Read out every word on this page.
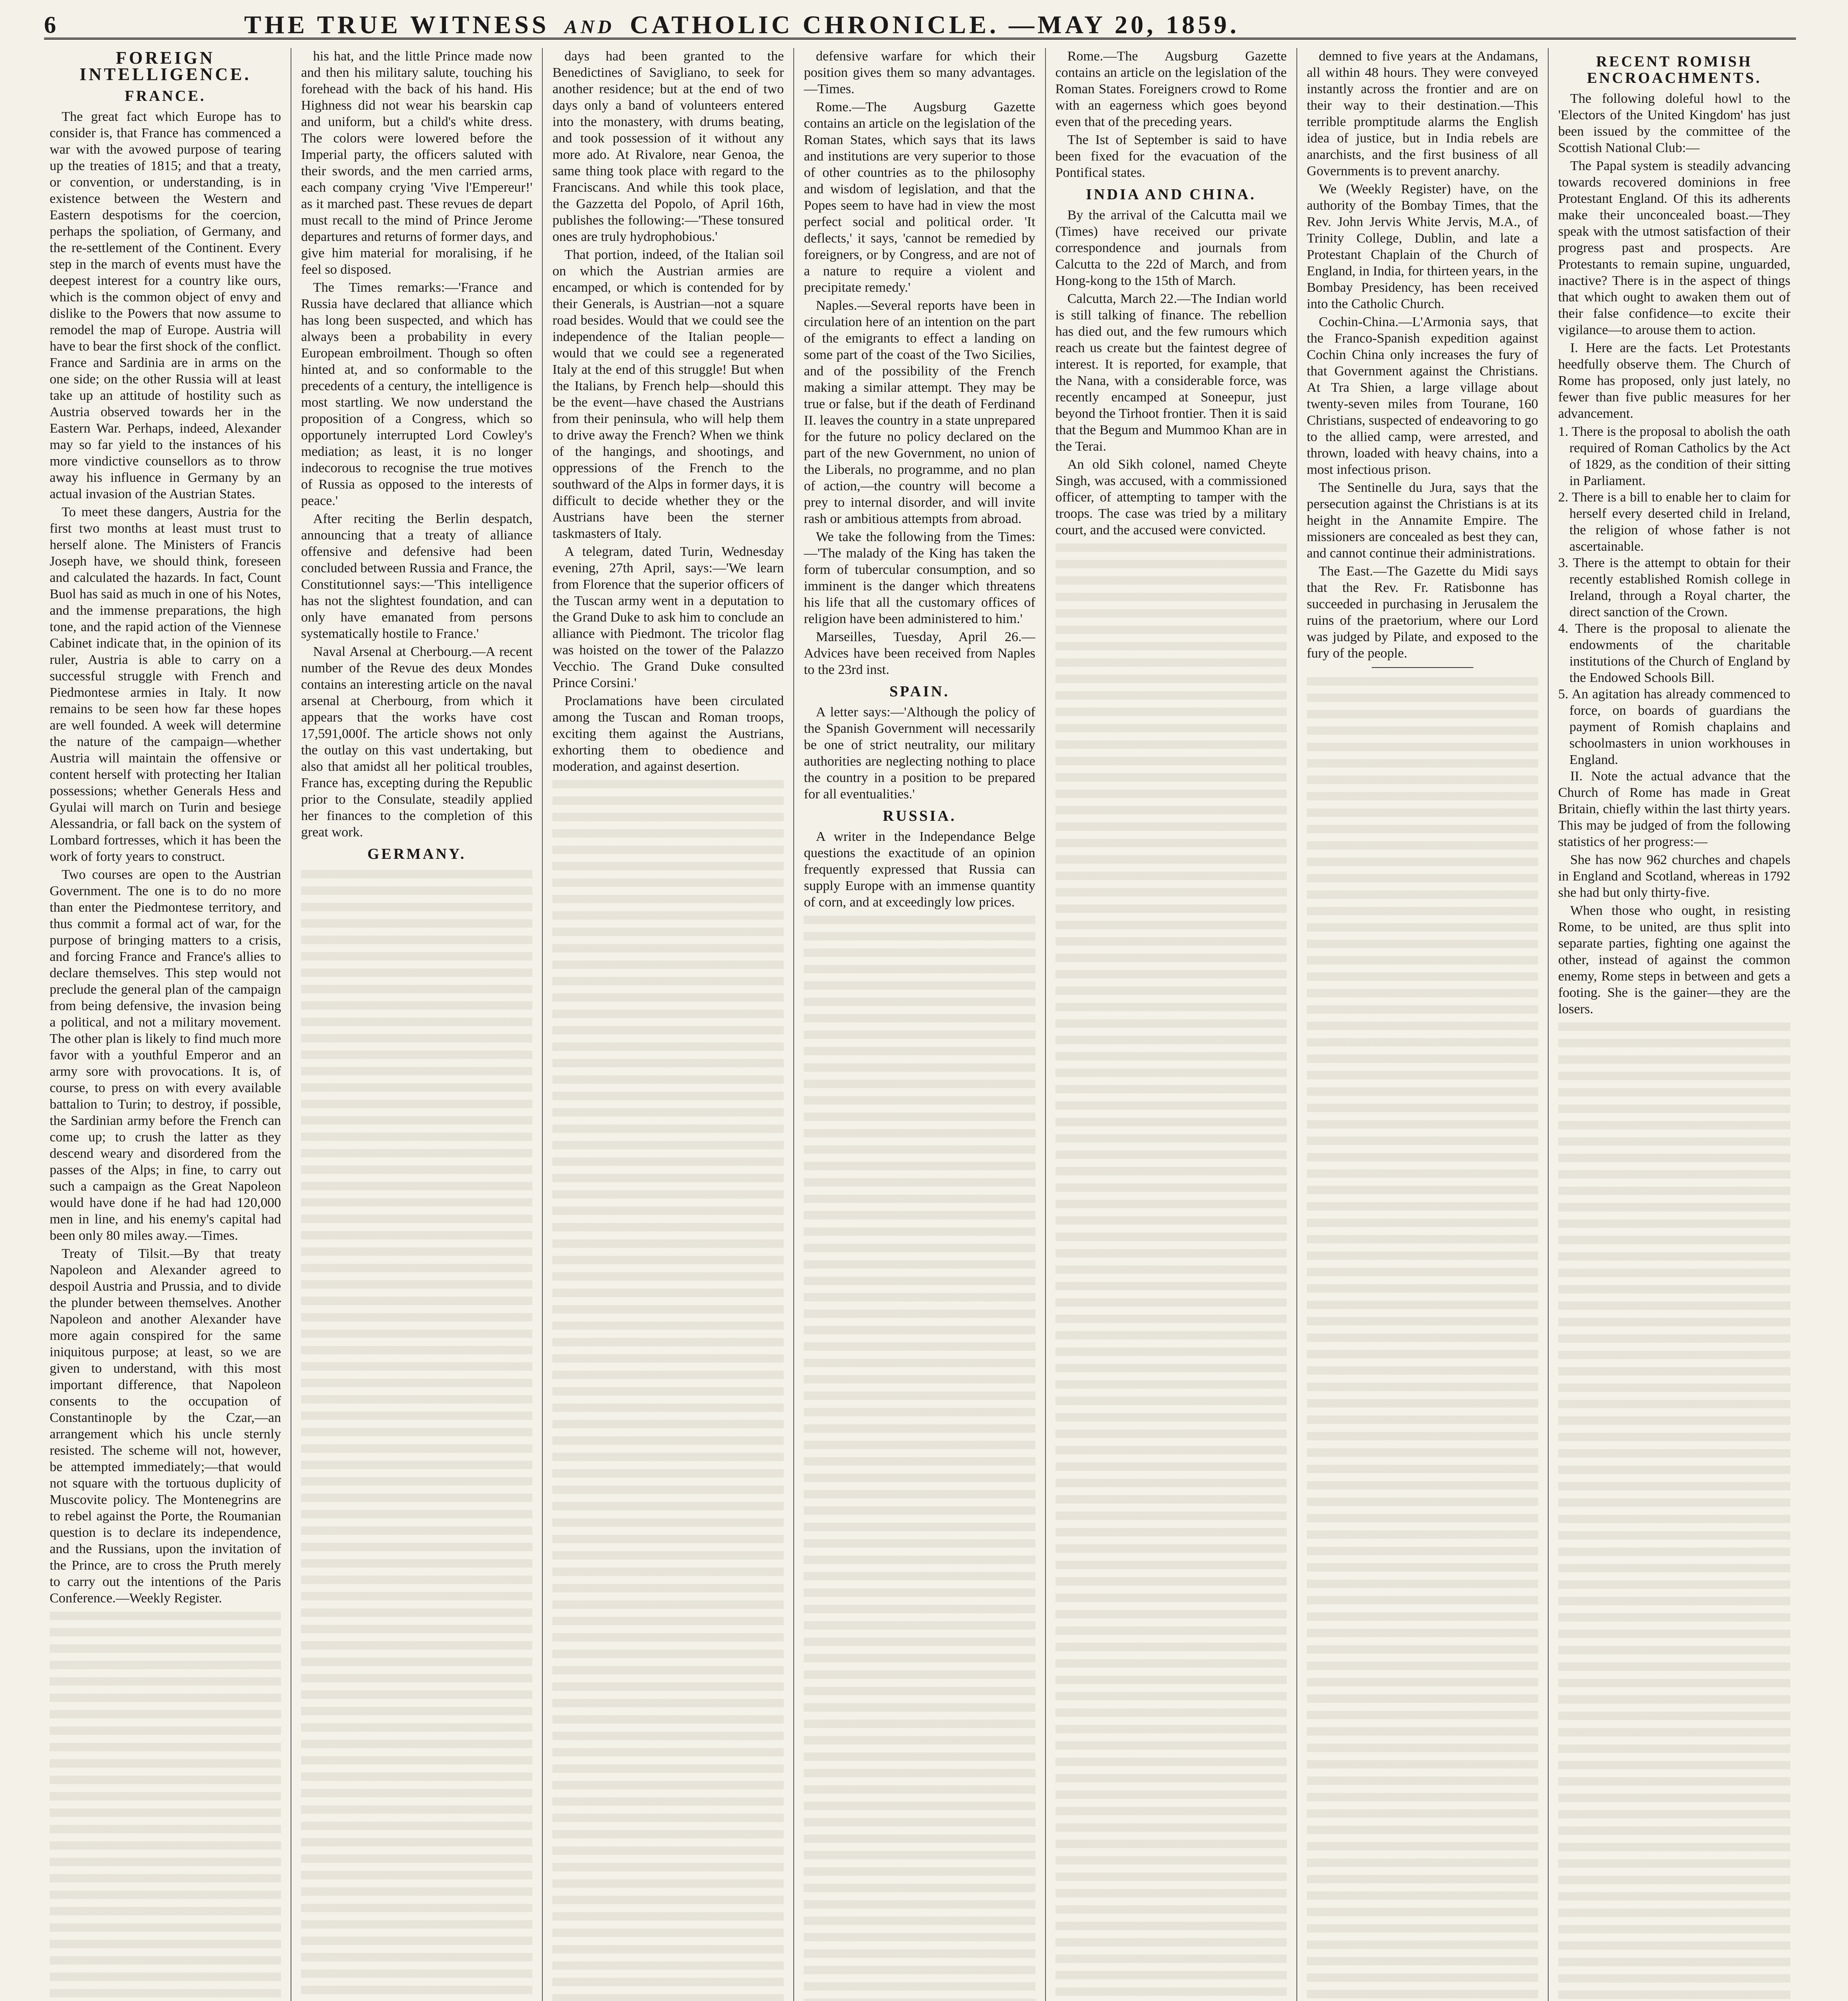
6	THE TRUE WITNESS AND CATHOLIC CHRONICLE. —MAY 20, 1859.
FOREIGN INTELLIGENCE.
FRANCE.

The great fact which Europe has to consider is, that France has commenced a war with the avowed purpose of tearing up the treaties of 1815; and that a treaty, or convention, or understanding, is in existence between the Western and Eastern despotisms for the coercion, perhaps the spoliation, of Germany, and the re-settlement of the Continent. Every step in the march of events must have the deepest interest for a country like ours, which is the common object of envy and dislike to the Powers that now assume to remodel the map of Europe. Austria will have to bear the first shock of the conflict. France and Sardinia are in arms on the one side; on the other Russia will at least take up an attitude of hostility such as Austria observed towards her in the Eastern War. Perhaps, indeed, Alexander may so far yield to the instances of his more vindictive counsellors as to throw away his influence in Germany by an actual invasion of the Austrian States.

To meet these dangers, Austria for the first two months at least must trust to herself alone. The Ministers of Francis Joseph have, we should think, foreseen and calculated the hazards. In fact, Count Buol has said as much in one of his Notes, and the immense preparations, the high tone, and the rapid action of the Viennese Cabinet indicate that, in the opinion of its ruler, Austria is able to carry on a successful struggle with French and Piedmontese armies in Italy. It now remains to be seen how far these hopes are well founded. A week will determine the nature of the campaign—whether Austria will maintain the offensive or content herself with protecting her Italian possessions; whether Generals Hess and Gyulai will march on Turin and besiege Alessandria, or fall back on the system of Lombard fortresses, which it has been the work of forty years to construct.

Two courses are open to the Austrian Government. The one is to do no more than enter the Piedmontese territory, and thus commit a formal act of war, for the purpose of bringing matters to a crisis, and forcing France and France's allies to declare themselves. This step would not preclude the general plan of the campaign from being defensive, the invasion being a political, and not a military movement. The other plan is likely to find much more favor with a youthful Emperor and an army sore with provocations. It is, of course, to press on with every available battalion to Turin; to destroy, if possible, the Sardinian army before the French can come up; to crush the latter as they descend weary and disordered from the passes of the Alps; in fine, to carry out such a campaign as the Great Napoleon would have done if he had had 120,000 men in line, and his enemy's capital had been only 80 miles away.—Times.

Treaty of Tilsit.—By that treaty Napoleon and Alexander agreed to despoil Austria and Prussia, and to divide the plunder between themselves. Another Napoleon and another Alexander have more again conspired for the same iniquitous purpose; at least, so we are given to understand, with this most important difference, that Napoleon consents to the occupation of Constantinople by the Czar,—an arrangement which his uncle sternly resisted. The scheme will not, however, be attempted immediately;—that would not square with the tortuous duplicity of Muscovite policy. The Montenegrins are to rebel against the Porte, the Roumanian question is to declare its independence, and the Russians, upon the invitation of the Prince, are to cross the Pruth merely to carry out the intentions of the Paris Conference.—Weekly Register.

his hat, and the little Prince made now and then his military salute, touching his forehead with the back of his hand. His Highness did not wear his bearskin cap and uniform, but a child's white dress. The colors were lowered before the Imperial party, the officers saluted with their swords, and the men carried arms, each company crying 'Vive l'Empereur!' as it marched past. These revues de depart must recall to the mind of Prince Jerome departures and returns of former days, and give him material for moralising, if he feel so disposed.

The Times remarks:—'France and Russia have declared that alliance which has long been suspected, and which has always been a probability in every European embroilment. Though so often hinted at, and so conformable to the precedents of a century, the intelligence is most startling. We now understand the proposition of a Congress, which so opportunely interrupted Lord Cowley's mediation; as least, it is no longer indecorous to recognise the true motives of Russia as opposed to the interests of peace.'

After reciting the Berlin despatch, announcing that a treaty of alliance offensive and defensive had been concluded between Russia and France, the Constitutionnel says:—'This intelligence has not the slightest foundation, and can only have emanated from persons systematically hostile to France.'

Naval Arsenal at Cherbourg.—A recent number of the Revue des deux Mondes contains an interesting article on the naval arsenal at Cherbourg, from which it appears that the works have cost 17,591,000f. The article shows not only the outlay on this vast undertaking, but also that amidst all her political troubles, France has, excepting during the Republic prior to the Consulate, steadily applied her finances to the completion of this great work.

GERMANY.

days had been granted to the Benedictines of Savigliano, to seek for another residence; but at the end of two days only a band of volunteers entered into the monastery, with drums beating, and took possession of it without any more ado. At Rivalore, near Genoa, the same thing took place with regard to the Franciscans. And while this took place, the Gazzetta del Popolo, of April 16th, publishes the following:—'These tonsured ones are truly hydrophobious.'

That portion, indeed, of the Italian soil on which the Austrian armies are encamped, or which is contended for by their Generals, is Austrian—not a square road besides. Would that we could see the independence of the Italian people—would that we could see a regenerated Italy at the end of this struggle! But when the Italians, by French help—should this be the event—have chased the Austrians from their peninsula, who will help them to drive away the French? When we think of the hangings, and shootings, and oppressions of the French to the southward of the Alps in former days, it is difficult to decide whether they or the Austrians have been the sterner taskmasters of Italy.

A telegram, dated Turin, Wednesday evening, 27th April, says:—'We learn from Florence that the superior officers of the Tuscan army went in a deputation to the Grand Duke to ask him to conclude an alliance with Piedmont. The tricolor flag was hoisted on the tower of the Palazzo Vecchio. The Grand Duke consulted Prince Corsini.'

Proclamations have been circulated among the Tuscan and Roman troops, exciting them against the Austrians, exhorting them to obedience and moderation, and against desertion.

defensive warfare for which their position gives them so many advantages.—Times.

Rome.—The Augsburg Gazette contains an article on the legislation of the Roman States, which says that its laws and institutions are very superior to those of other countries as to the philosophy and wisdom of legislation, and that the Popes seem to have had in view the most perfect social and political order. 'It deflects,' it says, 'cannot be remedied by foreigners, or by Congress, and are not of a nature to require a violent and precipitate remedy.'

Naples.—Several reports have been in circulation here of an intention on the part of the emigrants to effect a landing on some part of the coast of the Two Sicilies, and of the possibility of the French making a similar attempt. They may be true or false, but if the death of Ferdinand II. leaves the country in a state unprepared for the future no policy declared on the part of the new Government, no union of the Liberals, no programme, and no plan of action,—the country will become a prey to internal disorder, and will invite rash or ambitious attempts from abroad.

We take the following from the Times:—'The malady of the King has taken the form of tubercular consumption, and so imminent is the danger which threatens his life that all the customary offices of religion have been administered to him.'

Marseilles, Tuesday, April 26.—Advices have been received from Naples to the 23rd inst.

SPAIN.

A letter says:—'Although the policy of the Spanish Government will necessarily be one of strict neutrality, our military authorities are neglecting nothing to place the country in a position to be prepared for all eventualities.'

RUSSIA.

A writer in the Independance Belge questions the exactitude of an opinion frequently expressed that Russia can supply Europe with an immense quantity of corn, and at exceedingly low prices.

Rome.—The Augsburg Gazette contains an article on the legislation of the Roman States. Foreigners crowd to Rome with an eagerness which goes beyond even that of the preceding years.

The Ist of September is said to have been fixed for the evacuation of the Pontifical states.

INDIA AND CHINA.

By the arrival of the Calcutta mail we (Times) have received our private correspondence and journals from Calcutta to the 22d of March, and from Hong-kong to the 15th of March.

Calcutta, March 22.—The Indian world is still talking of finance. The rebellion has died out, and the few rumours which reach us create but the faintest degree of interest. It is reported, for example, that the Nana, with a considerable force, was recently encamped at Soneepur, just beyond the Tirhoot frontier. Then it is said that the Begum and Mummoo Khan are in the Terai.

An old Sikh colonel, named Cheyte Singh, was accused, with a commissioned officer, of attempting to tamper with the troops. The case was tried by a military court, and the accused were convicted.

demned to five years at the Andamans, all within 48 hours. They were conveyed instantly across the frontier and are on their way to their destination.—This terrible promptitude alarms the English idea of justice, but in India rebels are anarchists, and the first business of all Governments is to prevent anarchy.

We (Weekly Register) have, on the authority of the Bombay Times, that the Rev. John Jervis White Jervis, M.A., of Trinity College, Dublin, and late a Protestant Chaplain of the Church of England, in India, for thirteen years, in the Bombay Presidency, has been received into the Catholic Church.

Cochin-China.—L'Armonia says, that the Franco-Spanish expedition against Cochin China only increases the fury of that Government against the Christians. At Tra Shien, a large village about twenty-seven miles from Tourane, 160 Christians, suspected of endeavoring to go to the allied camp, were arrested, and thrown, loaded with heavy chains, into a most infectious prison.

The Sentinelle du Jura, says that the persecution against the Christians is at its height in the Annamite Empire. The missioners are concealed as best they can, and cannot continue their administrations.

The East.—The Gazette du Midi says that the Rev. Fr. Ratisbonne has succeeded in purchasing in Jerusalem the ruins of the praetorium, where our Lord was judged by Pilate, and exposed to the fury of the people.

RECENT ROMISH ENCROACHMENTS.

The following doleful howl to the 'Electors of the United Kingdom' has just been issued by the committee of the Scottish National Club:—

The Papal system is steadily advancing towards recovered dominions in free Protestant England. Of this its adherents make their unconcealed boast.—They speak with the utmost satisfaction of their progress past and prospects. Are Protestants to remain supine, unguarded, inactive? There is in the aspect of things that which ought to awaken them out of their false confidence—to excite their vigilance—to arouse them to action.

I. Here are the facts. Let Protestants heedfully observe them. The Church of Rome has proposed, only just lately, no fewer than five public measures for her advancement.

1. There is the proposal to abolish the oath required of Roman Catholics by the Act of 1829, as the condition of their sitting in Parliament.
2. There is a bill to enable her to claim for herself every deserted child in Ireland, the religion of whose father is not ascertainable.
3. There is the attempt to obtain for their recently established Romish college in Ireland, through a Royal charter, the direct sanction of the Crown.
4. There is the proposal to alienate the endowments of the charitable institutions of the Church of England by the Endowed Schools Bill.
5. An agitation has already commenced to force, on boards of guardians the payment of Romish chaplains and schoolmasters in union workhouses in England.

II. Note the actual advance that the Church of Rome has made in Great Britain, chiefly within the last thirty years. This may be judged of from the following statistics of her progress:—

She has now 962 churches and chapels in England and Scotland, whereas in 1792 she had but only thirty-five.

When those who ought, in resisting Rome, to be united, are thus split into separate parties, fighting one against the other, instead of against the common enemy, Rome steps in between and gets a footing. She is the gainer—they are the losers.
